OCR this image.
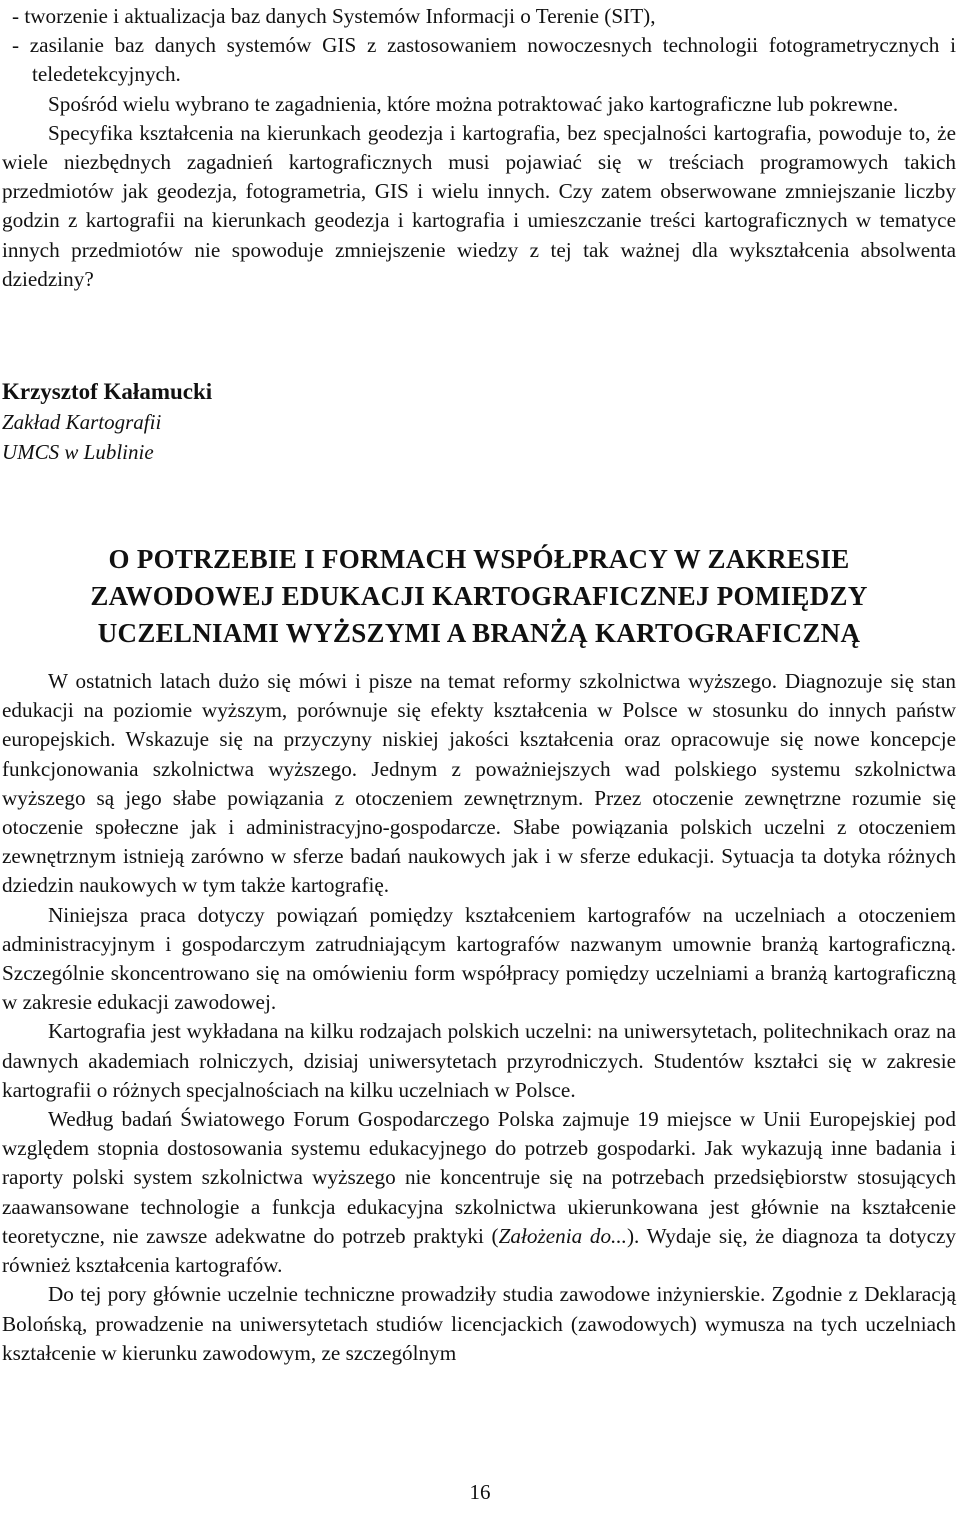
- tworzenie i aktualizacja baz danych Systemów Informacji o Terenie (SIT),

- zasilanie baz danych systemów GIS z zastosowaniem nowoczesnych technologii fotogrametrycznych i teledetekcyjnych.

Spośród wielu wybrano te zagadnienia, które można potraktować jako kartograficzne lub pokrewne.

Specyfika kształcenia na kierunkach geodezja i kartografia, bez specjalności kartografia, powoduje to, że wiele niezbędnych zagadnień kartograficznych musi pojawiać się w treściach programowych takich przedmiotów jak geodezja, fotogrametria, GIS i wielu innych. Czy zatem obserwowane zmniejszanie liczby godzin z kartografii na kierunkach geodezja i kartografia i umieszczanie treści kartograficznych w tematyce innych przedmiotów nie spowoduje zmniejszenie wiedzy z tej tak ważnej dla wykształcenia absolwenta dziedziny?

Krzysztof Kałamucki

Zakład Kartografii

UMCS w Lublinie

O POTRZEBIE I FORMACH WSPÓŁPRACY W ZAKRESIE
ZAWODOWEJ EDUKACJI KARTOGRAFICZNEJ POMIĘDZY
UCZELNIAMI WYŻSZYMI A BRANŻĄ KARTOGRAFICZNĄ

W ostatnich latach dużo się mówi i pisze na temat reformy szkolnictwa wyższego. Diagnozuje się stan edukacji na poziomie wyższym, porównuje się efekty kształcenia w Polsce w stosunku do innych państw europejskich. Wskazuje się na przyczyny niskiej jakości kształcenia oraz opracowuje się nowe koncepcje funkcjonowania szkolnictwa wyższego. Jednym z poważniejszych wad polskiego systemu szkolnictwa wyższego są jego słabe powiązania z otoczeniem zewnętrznym. Przez otoczenie zewnętrzne rozumie się otoczenie społeczne jak i administracyjno-gospodarcze. Słabe powiązania polskich uczelni z otoczeniem zewnętrznym istnieją zarówno w sferze badań naukowych jak i w sferze edukacji. Sytuacja ta dotyka różnych dziedzin naukowych w tym także kartografię.

Niniejsza praca dotyczy powiązań pomiędzy kształceniem kartografów na uczelniach a otoczeniem administracyjnym i gospodarczym zatrudniającym kartografów nazwanym umownie branżą kartograficzną. Szczególnie skoncentrowano się na omówieniu form współpracy pomiędzy uczelniami a branżą kartograficzną w zakresie edukacji zawodowej.

Kartografia jest wykładana na kilku rodzajach polskich uczelni: na uniwersytetach, politechnikach oraz na dawnych akademiach rolniczych, dzisiaj uniwersytetach przyrodniczych. Studentów kształci się w zakresie kartografii o różnych specjalnościach na kilku uczelniach w Polsce.

Według badań Światowego Forum Gospodarczego Polska zajmuje 19 miejsce w Unii Europejskiej pod względem stopnia dostosowania systemu edukacyjnego do potrzeb gospodarki. Jak wykazują inne badania i raporty polski system szkolnictwa wyższego nie koncentruje się na potrzebach przedsiębiorstw stosujących zaawansowane technologie a funkcja edukacyjna szkolnictwa ukierunkowana jest głównie na kształcenie teoretyczne, nie zawsze adekwatne do potrzeb praktyki (Założenia do...). Wydaje się, że diagnoza ta dotyczy również kształcenia kartografów.

Do tej pory głównie uczelnie techniczne prowadziły studia zawodowe inżynierskie. Zgodnie z Deklaracją Bolońską, prowadzenie na uniwersytetach studiów licencjackich (zawodowych) wymusza na tych uczelniach kształcenie w kierunku zawodowym, ze szczególnym

16
